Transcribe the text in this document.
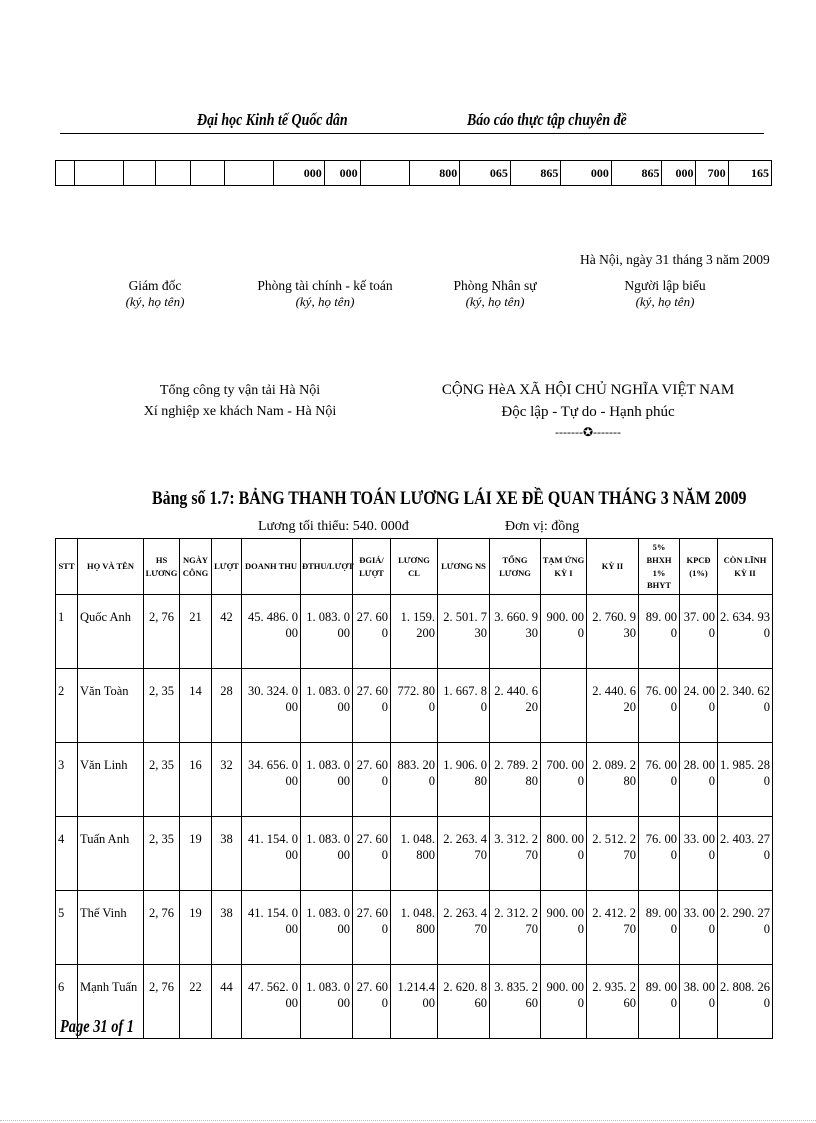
Đại học Kinh tế Quốc dân	Báo cáo thực tập chuyên đề
						000	000		800	065	865	000	865	000	700	165
Hà Nội, ngày 31 tháng 3 năm 2009
Giám đốc
(ký, họ tên)
Phòng tài chính - kế toán
(ký, họ tên)
Phòng Nhân sự
(ký, họ tên)
Người lập biểu
(ký, họ tên)
Tổng công ty vận tải Hà Nội
Xí nghiệp xe khách Nam - Hà Nội
CỘNG HèA XÃ HỘI CHỦ NGHĨA VIỆT NAM
Độc lập - Tự do - Hạnh phúc
-------✪-------
Bảng số 1.7: BẢNG THANH TOÁN LƯƠNG LÁI XE ĐỀ QUAN THÁNG 3 NĂM 2009
Lương tối thiểu: 540. 000đ	Đơn vị: đồng
STT	HỌ VÀ TÊN	HS LƯƠNG	NGÀY CÔNG	LƯỢT	DOANH THU	ĐTHU/LƯỢT	ĐGIÁ/ LƯỢT	LƯƠNG CL	LƯƠNG NS	TỔNG LƯƠNG	TẠM ỨNG KỲ I	KỲ II	5% BHXH 1% BHYT	KPCĐ (1%)	CÒN LĨNH KỲ II
1	Quốc Anh	2, 76	21	42	45. 486. 000	1. 083. 000	27. 600	1. 159. 200	2. 501. 730	3. 660. 930	900. 000	2. 760. 930	89. 000	37. 000	2. 634. 930
2	Văn Toàn	2, 35	14	28	30. 324. 000	1. 083. 000	27. 600	772. 800	1. 667. 80	2. 440. 620		2. 440. 620	76. 000	24. 000	2. 340. 620
3	Văn Linh	2, 35	16	32	34. 656. 000	1. 083. 000	27. 600	883. 200	1. 906. 080	2. 789. 280	700. 000	2. 089. 280	76. 000	28. 000	1. 985. 280
4	Tuấn Anh	2, 35	19	38	41. 154. 000	1. 083. 000	27. 600	1. 048. 800	2. 263. 470	3. 312. 270	800. 000	2. 512. 270	76. 000	33. 000	2. 403. 270
5	Thế Vinh	2, 76	19	38	41. 154. 000	1. 083. 000	27. 600	1. 048. 800	2. 263. 470	2. 312. 270	900. 000	2. 412. 270	89. 000	33. 000	2. 290. 270
6	Mạnh Tuấn	2, 76	22	44	47. 562. 000	1. 083. 000	27. 600	1.214.400	2. 620. 860	3. 835. 260	900. 000	2. 935. 260	89. 000	38. 000	2. 808. 260
Page 31 of 1
